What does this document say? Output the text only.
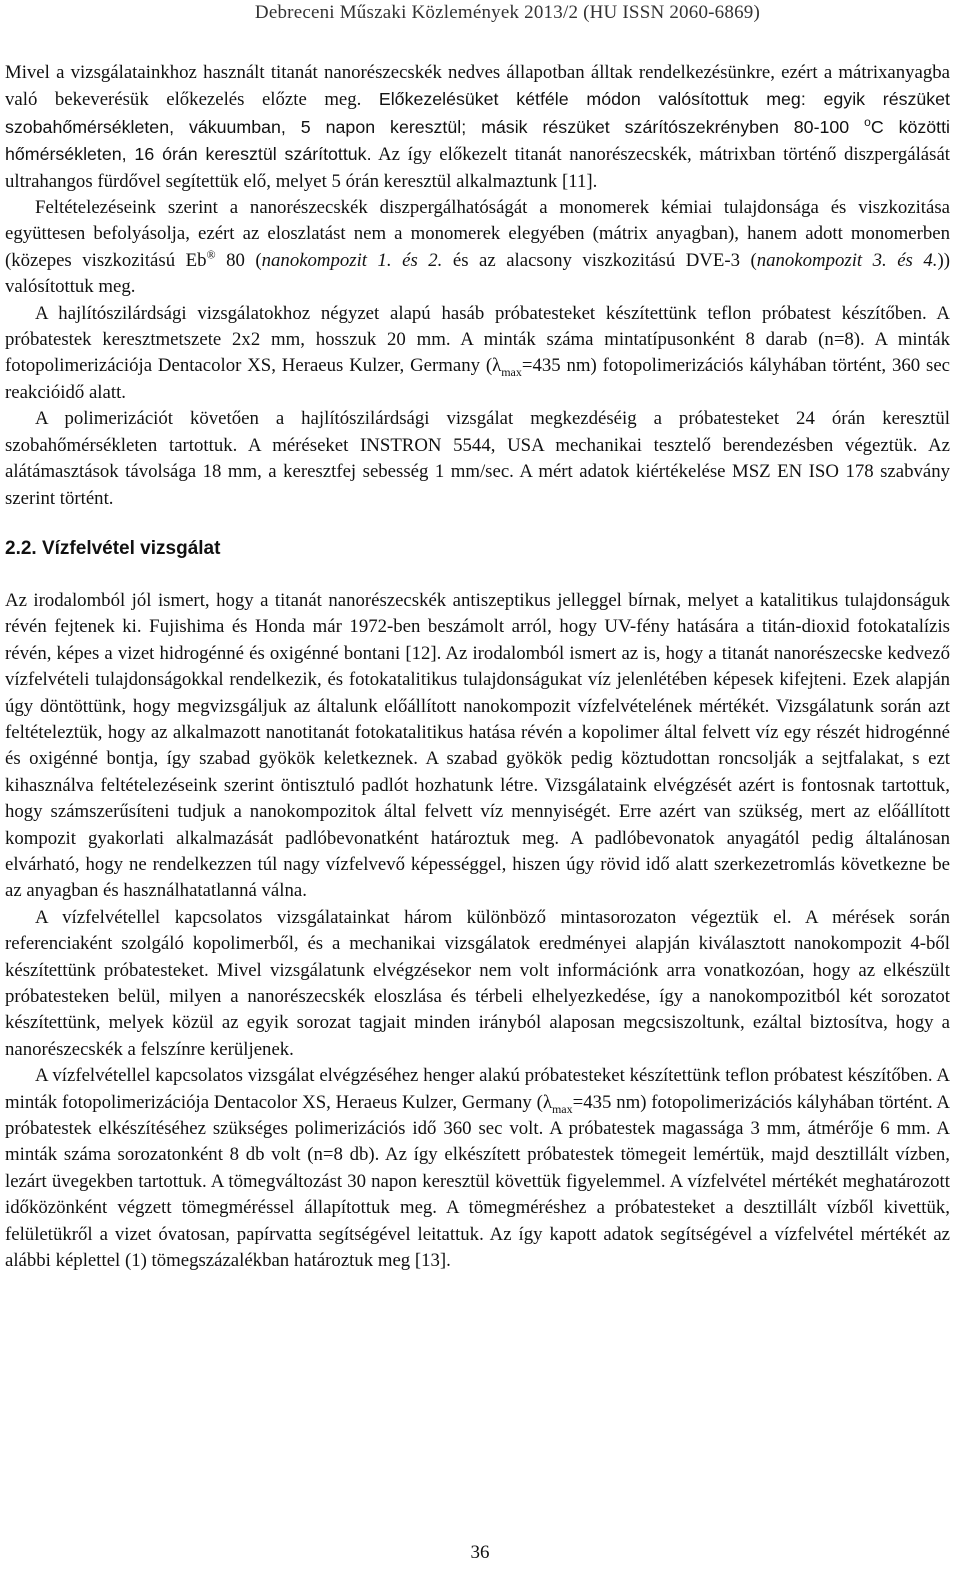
Debreceni Műszaki Közlemények 2013/2 (HU ISSN 2060-6869)

Mivel a vizsgálatainkhoz használt titanát nanorészecskék nedves állapotban álltak rendelkezésünkre, ezért a mátrixanyagba való bekeverésük előkezelés előzte meg. Előkezelésüket kétféle módon valósítottuk meg: egyik részüket szobahőmérsékleten, vákuumban, 5 napon keresztül; másik részüket szárítószekrényben 80-100 $^o$C közötti hőmérsékleten, 16 órán keresztül szárítottuk. Az így előkezelt titanát nanorészecskék, mátrixban történő diszpergálását ultrahangos fürdővel segítettük elő, melyet 5 órán keresztül alkalmaztunk [11].

Feltételezéseink szerint a nanorészecskék diszpergálhatóságát a monomerek kémiai tulajdonsága és viszkozitása együttesen befolyásolja, ezért az eloszlatást nem a monomerek elegyében (mátrix anyagban), hanem adott monomerben (közepes viszkozitású Eb® 80 (nanokompozit 1. és 2. és az alacsony viszkozitású DVE-3 (nanokompozit 3. és 4.)) valósítottuk meg.

A hajlítószilárdsági vizsgálatokhoz négyzet alapú hasáb próbatesteket készítettünk teflon próbatest készítőben. A próbatestek keresztmetszete 2x2 mm, hosszuk 20 mm. A minták száma mintatípusonként 8 darab (n=8). A minták fotopolimerizációja Dentacolor XS, Heraeus Kulzer, Germany ($\lambda_{max}=435$ nm) fotopolimerizációs kályhában történt, 360 sec reakcióidő alatt.

A polimerizációt követően a hajlítószilárdsági vizsgálat megkezdéséig a próbatesteket 24 órán keresztül szobahőmérsékleten tartottuk. A méréseket INSTRON 5544, USA mechanikai tesztelő berendezésben végeztük. Az alátámasztások távolsága 18 mm, a keresztfej sebesség 1 mm/sec. A mért adatok kiértékelése MSZ EN ISO 178 szabvány szerint történt.

2.2. Vízfelvétel vizsgálat

Az irodalomból jól ismert, hogy a titanát nanorészecskék antiszeptikus jelleggel bírnak, melyet a katalitikus tulajdonságuk révén fejtenek ki. Fujishima és Honda már 1972-ben beszámolt arról, hogy UV-fény hatására a titán-dioxid fotokatalízis révén, képes a vizet hidrogénné és oxigénné bontani [12]. Az irodalomból ismert az is, hogy a titanát nanorészecske kedvező vízfelvételi tulajdonságokkal rendelkezik, és fotokatalitikus tulajdonságukat víz jelenlétében képesek kifejteni. Ezek alapján úgy döntöttünk, hogy megvizsgáljuk az általunk előállított nanokompozit vízfelvételének mértékét. Vizsgálatunk során azt feltételeztük, hogy az alkalmazott nanotitanát fotokatalitikus hatása révén a kopolimer által felvett víz egy részét hidrogénné és oxigénné bontja, így szabad gyökök keletkeznek. A szabad gyökök pedig köztudottan roncsolják a sejtfalakat, s ezt kihasználva feltételezéseink szerint öntisztuló padlót hozhatunk létre. Vizsgálataink elvégzését azért is fontosnak tartottuk, hogy számszerűsíteni tudjuk a nanokompozitok által felvett víz mennyiségét. Erre azért van szükség, mert az előállított kompozit gyakorlati alkalmazását padlóbevonatként határoztuk meg. A padlóbevonatok anyagától pedig általánosan elvárható, hogy ne rendelkezzen túl nagy vízfelvevő képességgel, hiszen úgy rövid idő alatt szerkezetromlás következne be az anyagban és használhatatlanná válna.

A vízfelvétellel kapcsolatos vizsgálatainkat három különböző mintasorozaton végeztük el. A mérések során referenciaként szolgáló kopolimerből, és a mechanikai vizsgálatok eredményei alapján kiválasztott nanokompozit 4-ből készítettünk próbatesteket. Mivel vizsgálatunk elvégzésekor nem volt információnk arra vonatkozóan, hogy az elkészült próbatesteken belül, milyen a nanorészecskék eloszlása és térbeli elhelyezkedése, így a nanokompozitból két sorozatot készítettünk, melyek közül az egyik sorozat tagjait minden irányból alaposan megcsiszoltunk, ezáltal biztosítva, hogy a nanorészecskék a felszínre kerüljenek.

A vízfelvétellel kapcsolatos vizsgálat elvégzéséhez henger alakú próbatesteket készítettünk teflon próbatest készítőben. A minták fotopolimerizációja Dentacolor XS, Heraeus Kulzer, Germany ($\lambda_{max}=435$ nm) fotopolimerizációs kályhában történt. A próbatestek elkészítéséhez szükséges polimerizációs idő 360 sec volt. A próbatestek magassága 3 mm, átmérője 6 mm. A minták száma sorozatonként 8 db volt (n=8 db). Az így elkészített próbatestek tömegeit lemértük, majd desztillált vízben, lezárt üvegekben tartottuk. A tömegváltozást 30 napon keresztül követtük figyelemmel. A vízfelvétel mértékét meghatározott időközönként végzett tömegméréssel állapítottuk meg. A tömegméréshez a próbatesteket a desztillált vízből kivettük, felületükről a vizet óvatosan, papírvatta segítségével leitattuk. Az így kapott adatok segítségével a vízfelvétel mértékét az alábbi képlettel (1) tömegszázalékban határoztuk meg [13].

36
